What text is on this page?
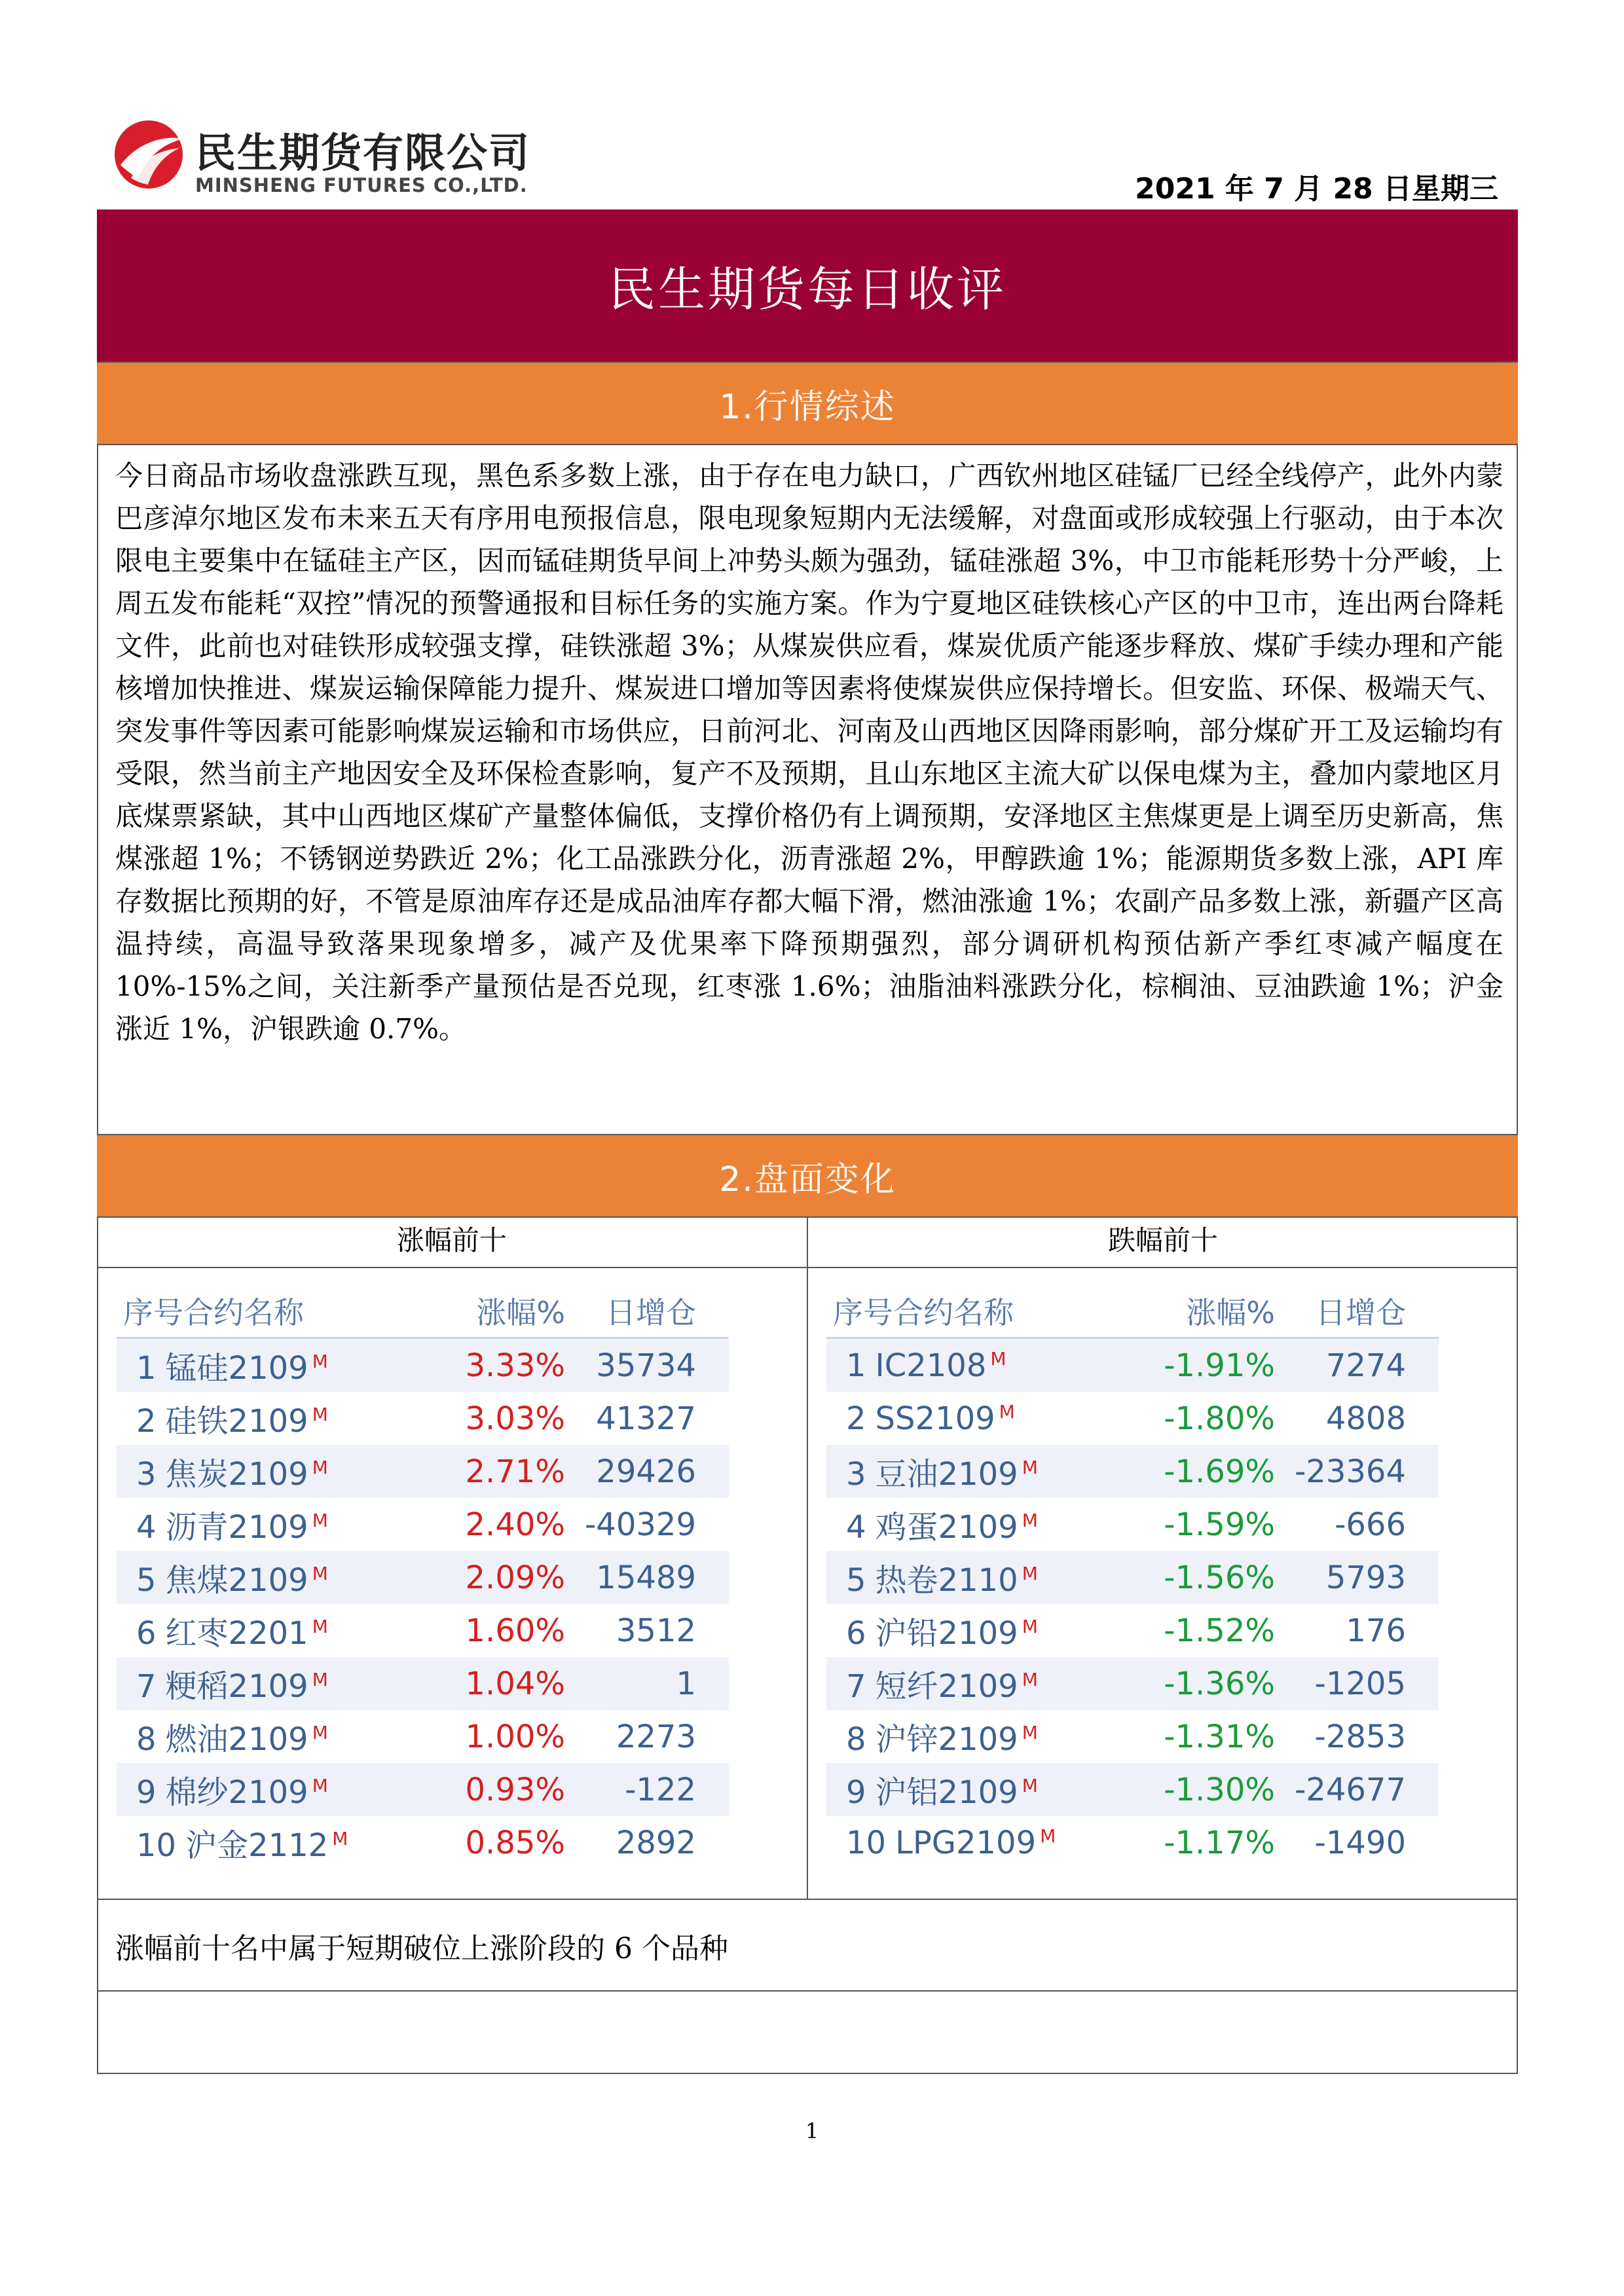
民生期货有限公司
MINSHENG FUTURES CO.,LTD.	2021 年 7 月 28 日星期三
民生期货每日收评
1.行情综述

今日商品市场收盘涨跌互现，黑色系多数上涨，由于存在电力缺口，广西钦州地区硅锰厂已经全线停产，此外内蒙巴彦淖尔地区发布未来五天有序用电预报信息，限电现象短期内无法缓解，对盘面或形成较强上行驱动，由于本次限电主要集中在锰硅主产区，因而锰硅期货早间上冲势头颇为强劲，锰硅涨超 3%，中卫市能耗形势十分严峻，上周五发布能耗“双控”情况的预警通报和目标任务的实施方案。作为宁夏地区硅铁核心产区的中卫市，连出两台降耗文件，此前也对硅铁形成较强支撑，硅铁涨超 3%；从煤炭供应看，煤炭优质产能逐步释放、煤矿手续办理和产能核增加快推进、煤炭运输保障能力提升、煤炭进口增加等因素将使煤炭供应保持增长。但安监、环保、极端天气、突发事件等因素可能影响煤炭运输和市场供应，日前河北、河南及山西地区因降雨影响，部分煤矿开工及运输均有受限，然当前主产地因安全及环保检查影响，复产不及预期，且山东地区主流大矿以保电煤为主，叠加内蒙地区月底煤票紧缺，其中山西地区煤矿产量整体偏低，支撑价格仍有上调预期，安泽地区主焦煤更是上调至历史新高，焦煤涨超 1%；不锈钢逆势跌近 2%；化工品涨跌分化，沥青涨超 2%，甲醇跌逾 1%；能源期货多数上涨，API 库存数据比预期的好，不管是原油库存还是成品油库存都大幅下滑，燃油涨逾 1%；农副产品多数上涨，新疆产区高温持续，高温导致落果现象增多，减产及优果率下降预期强烈，部分调研机构预估新产季红枣减产幅度在 10%-15%之间，关注新季产量预估是否兑现，红枣涨 1.6%；油脂油料涨跌分化，棕榈油、豆油跌逾 1%；沪金涨近 1%，沪银跌逾 0.7%。

2.盘面变化
涨幅前十	跌幅前十
序号合约名称	涨幅%	日增仓
1 锰硅2109 $^M$	3.33% 35734
2 硅铁2109 $^M$	3.03% 41327
3 焦炭2109 $^M$	2.71% 29426
4 沥青2109 $^M$	2.40% -40329
5 焦煤2109 $^M$	2.09% 15489
6 红枣2201 $^M$	1.60%	3512
7 粳稻2109 $^M$	1.04%	1
8 燃油2109 $^M$	1.00%	2273
9 棉纱2109 $^M$	0.93%	-122
10 沪金2112 $^M$	0.85%	2892
序号合约名称	涨幅%	日增仓
1 IC2108 $^M$	-1.91%	7274
2 SS2109 $^M$	-1.80%	4808
3 豆油2109 $^M$	-1.69% -23364
4 鸡蛋2109 $^M$	-1.59%	-666
5 热卷2110 $^M$	-1.56%	5793
6 沪铅2109 $^M$	-1.52%	176
7 短纤2109 $^M$	-1.36%	-1205
8 沪锌2109 $^M$	-1.31%	-2853
9 沪铝2109 $^M$	-1.30% -24677
10 LPG2109 $^M$	-1.17%	-1490
涨幅前十名中属于短期破位上涨阶段的 6 个品种
1
